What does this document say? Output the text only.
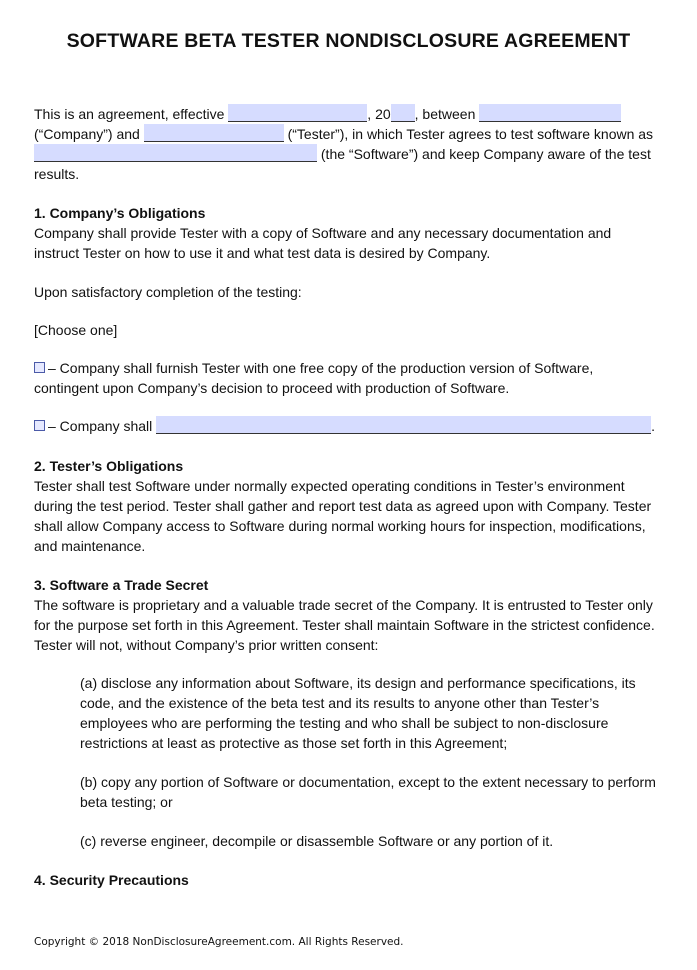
SOFTWARE BETA TESTER NONDISCLOSURE AGREEMENT
This is an agreement, effective	, 20 , between
(“Company”) and	(“Tester”), in which Tester agrees to test software known as
(the “Software”) and keep Company aware of the test
results.
1. Company’s Obligations
Company shall provide Tester with a copy of Software and any necessary documentation and
instruct Tester on how to use it and what test data is desired by Company.
Upon satisfactory completion of the testing:
[Choose one]
– Company shall furnish Tester with one free copy of the production version of Software,
contingent upon Company’s decision to proceed with production of Software.
– Company shall	.
2. Tester’s Obligations
Tester shall test Software under normally expected operating conditions in Tester’s environment
during the test period. Tester shall gather and report test data as agreed upon with Company. Tester
shall allow Company access to Software during normal working hours for inspection, modifications,
and maintenance.
3. Software a Trade Secret
The software is proprietary and a valuable trade secret of the Company. It is entrusted to Tester only
for the purpose set forth in this Agreement. Tester shall maintain Software in the strictest confidence.
Tester will not, without Company’s prior written consent:
(a) disclose any information about Software, its design and performance specifications, its
code, and the existence of the beta test and its results to anyone other than Tester’s
employees who are performing the testing and who shall be subject to non-disclosure
restrictions at least as protective as those set forth in this Agreement;
(b) copy any portion of Software or documentation, except to the extent necessary to perform
beta testing; or
(c) reverse engineer, decompile or disassemble Software or any portion of it.
4. Security Precautions
Copyright © 2018 NonDisclosureAgreement.com. All Rights Reserved.
